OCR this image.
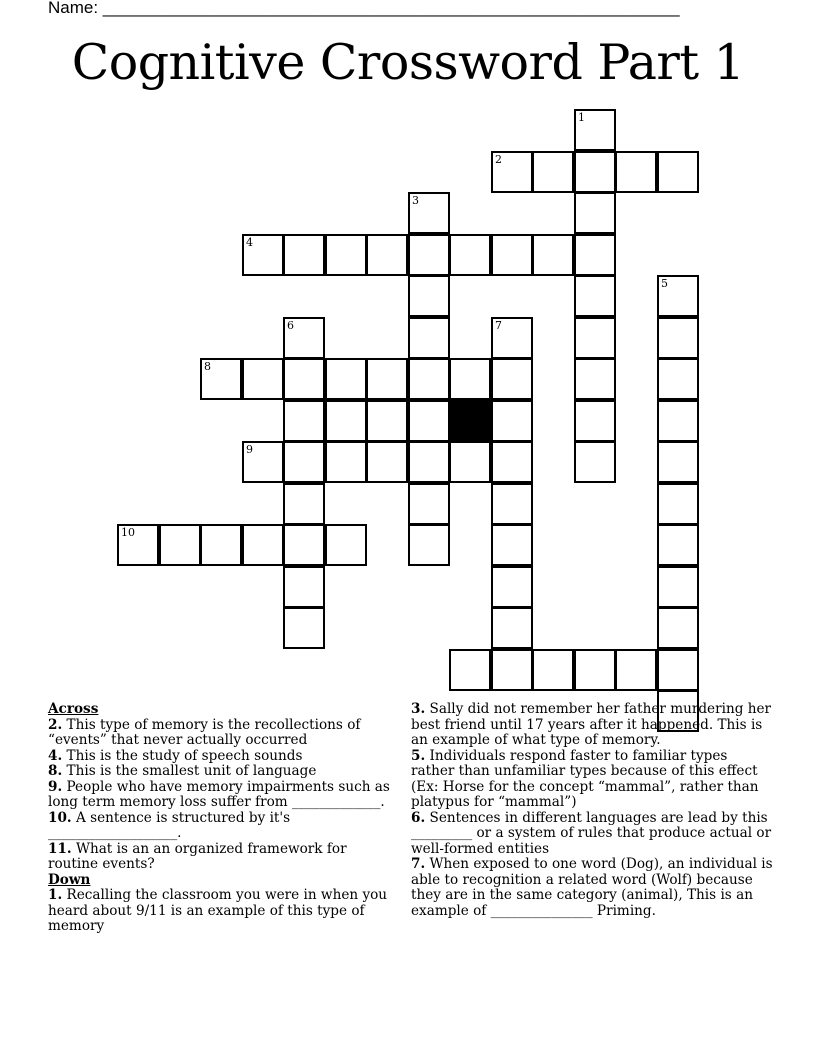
Name: _____________________________________________________________
Cognitive Crossword Part 1
1
2
3
4
5
6	7
8
9
10
Across

2. This type of memory is the recollections of “events” that never actually occurred

4. This is the study of speech sounds

8. This is the smallest unit of language

9. People who have memory impairments such as long term memory loss suffer from _____________.

10. A sentence is structured by it's ___________________.

11. What is an an organized framework for routine events?

Down

1. Recalling the classroom you were in when you heard about 9/11 is an example of this type of memory

3. Sally did not remember her father murdering her best friend until 17 years after it happened. This is an example of what type of memory.

5. Individuals respond faster to familiar types rather than unfamiliar types because of this effect (Ex: Horse for the concept “mammal”, rather than platypus for “mammal”)

6. Sentences in different languages are lead by this _________ or a system of rules that produce actual or well-formed entities

7. When exposed to one word (Dog), an individual is able to recognition a related word (Wolf) because they are in the same category (animal), This is an example of _______________ Priming.
